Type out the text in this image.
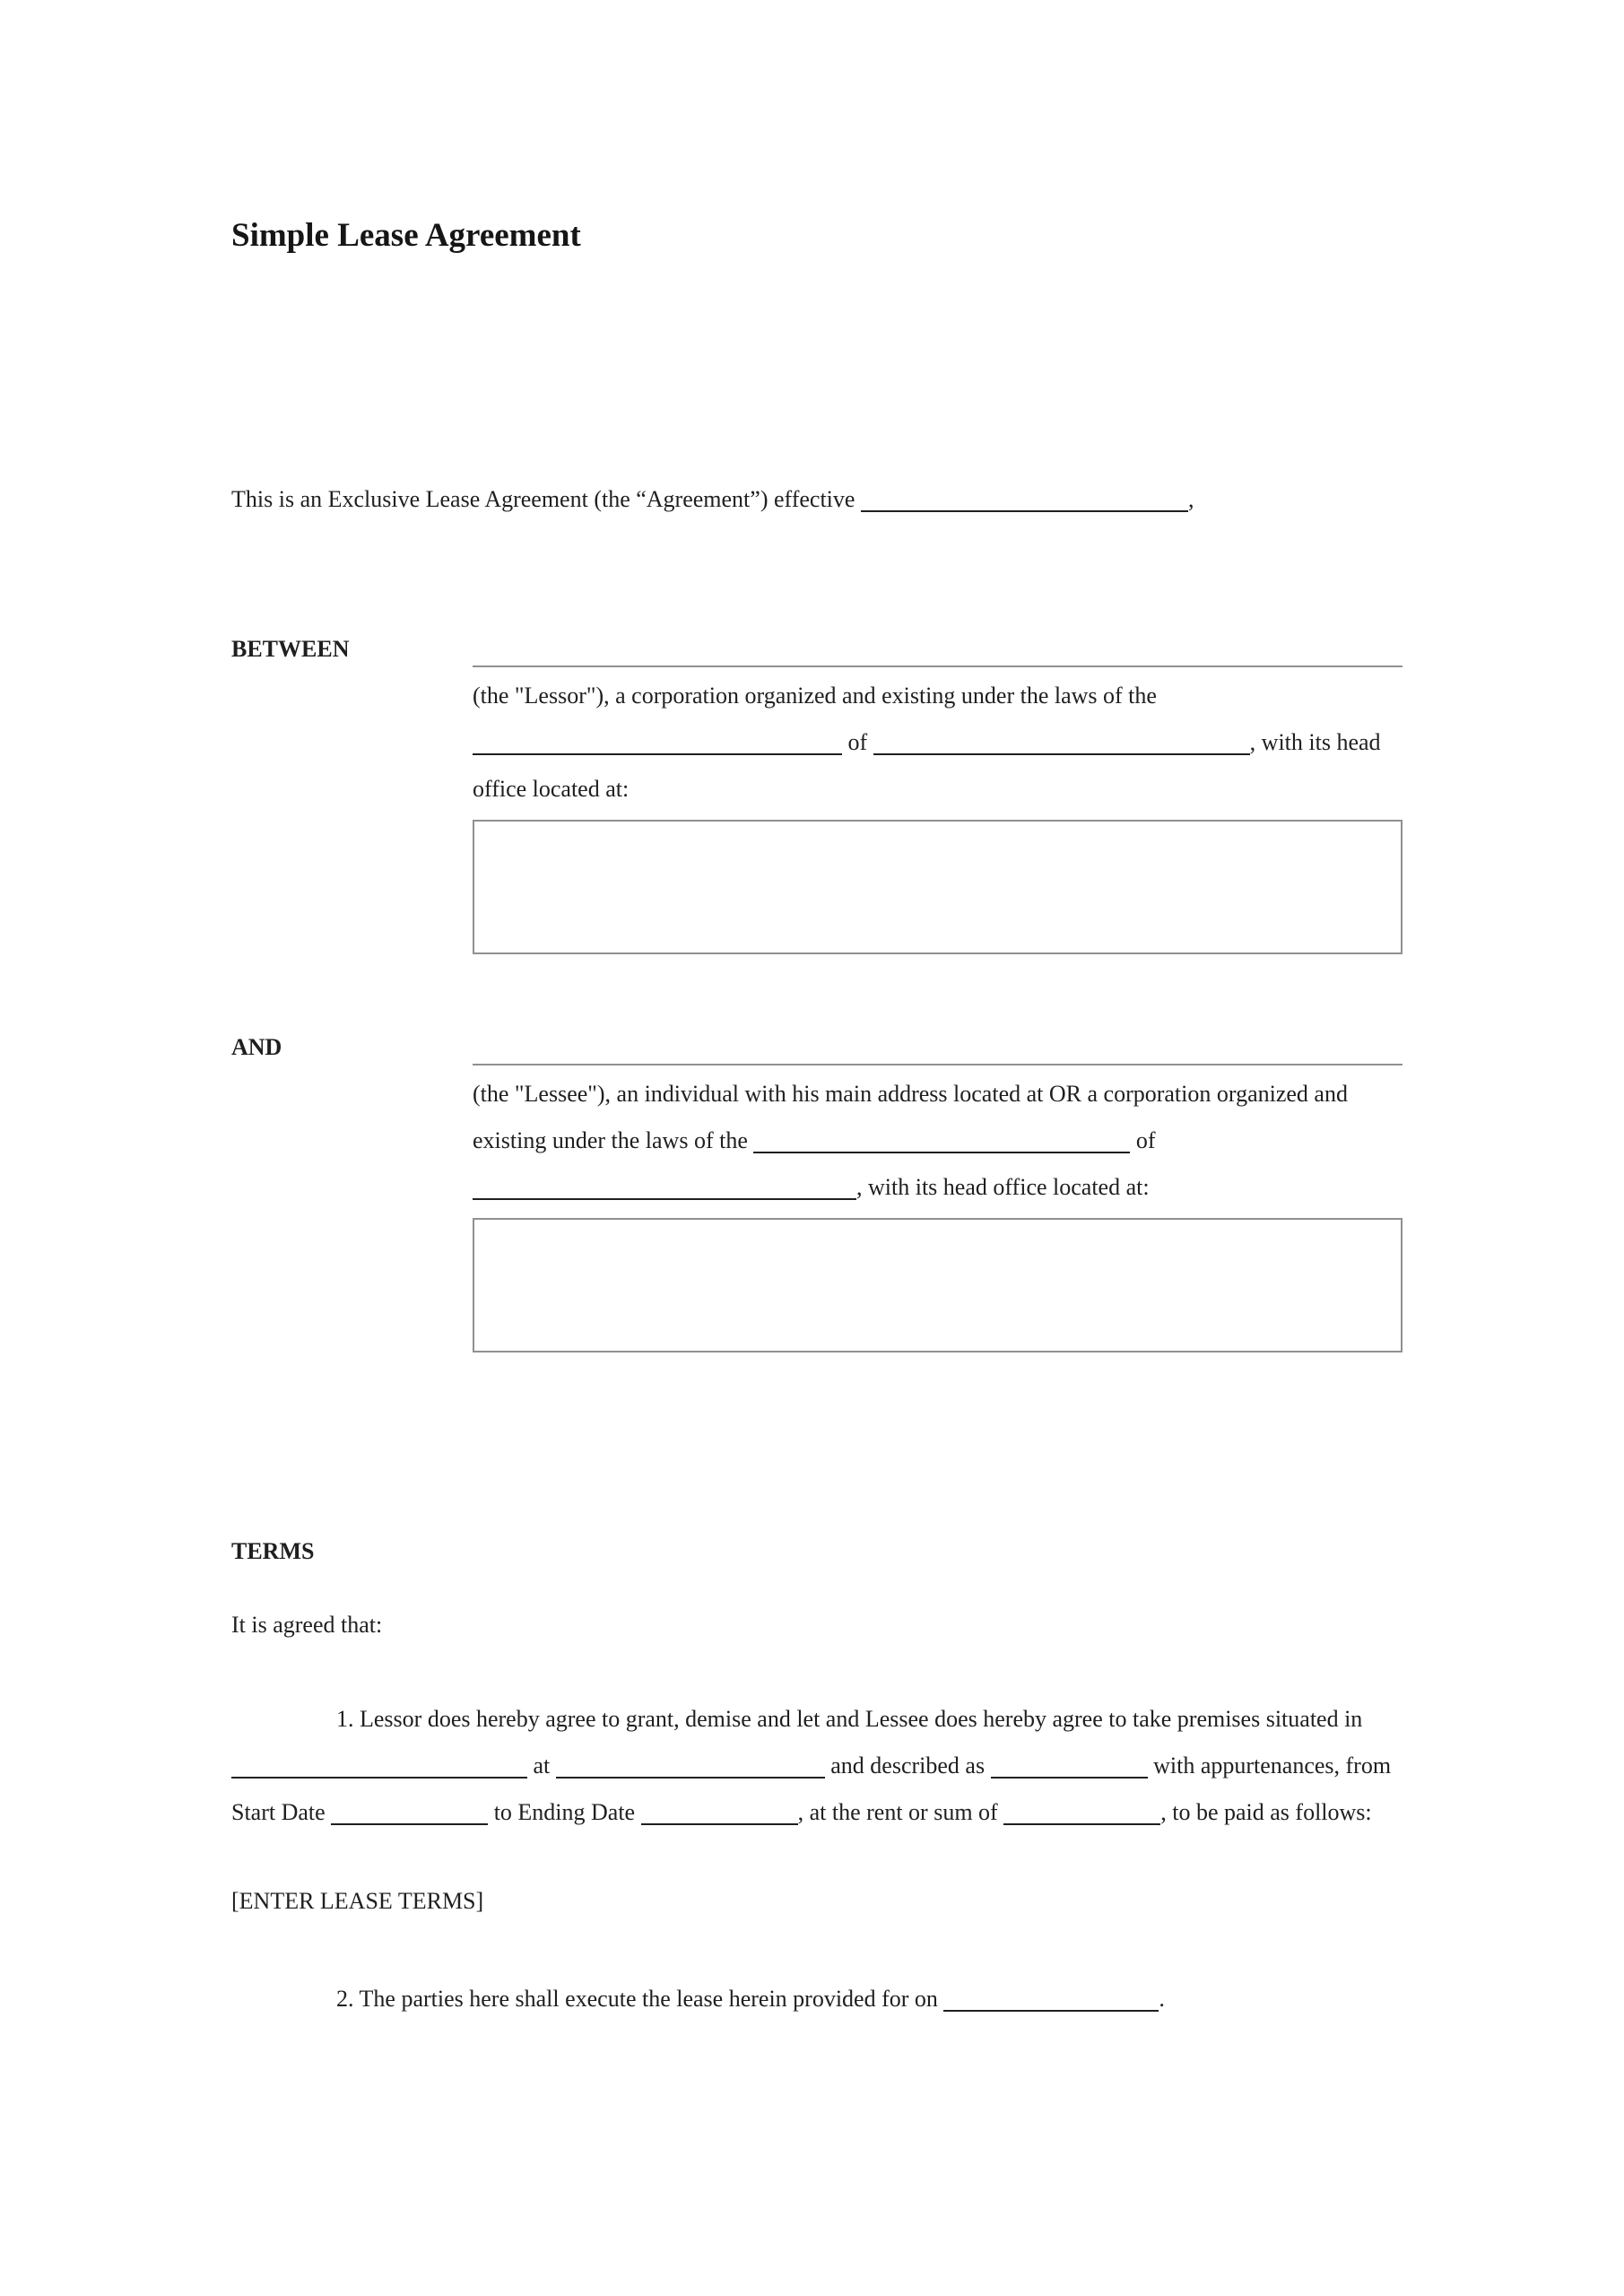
Simple Lease Agreement

This is an Exclusive Lease Agreement (the “Agreement”) effective	,

BETWEEN

(the "Lessor"), a corporation organized and existing under the laws of the  of	, with its head office located at:

AND

(the "Lessee"), an individual with his main address located at OR a corporation organized and existing under the laws of the	of , with its head office located at:

TERMS

It is agreed that:

1. Lessor does hereby agree to grant, demise and let and Lessee does hereby agree to take premises situated in  at	and described as	with appurtenances, from Start Date	to Ending Date	, at the rent or sum of	, to be paid as follows:

[ENTER LEASE TERMS]

2. The parties here shall execute the lease herein provided for on	.
